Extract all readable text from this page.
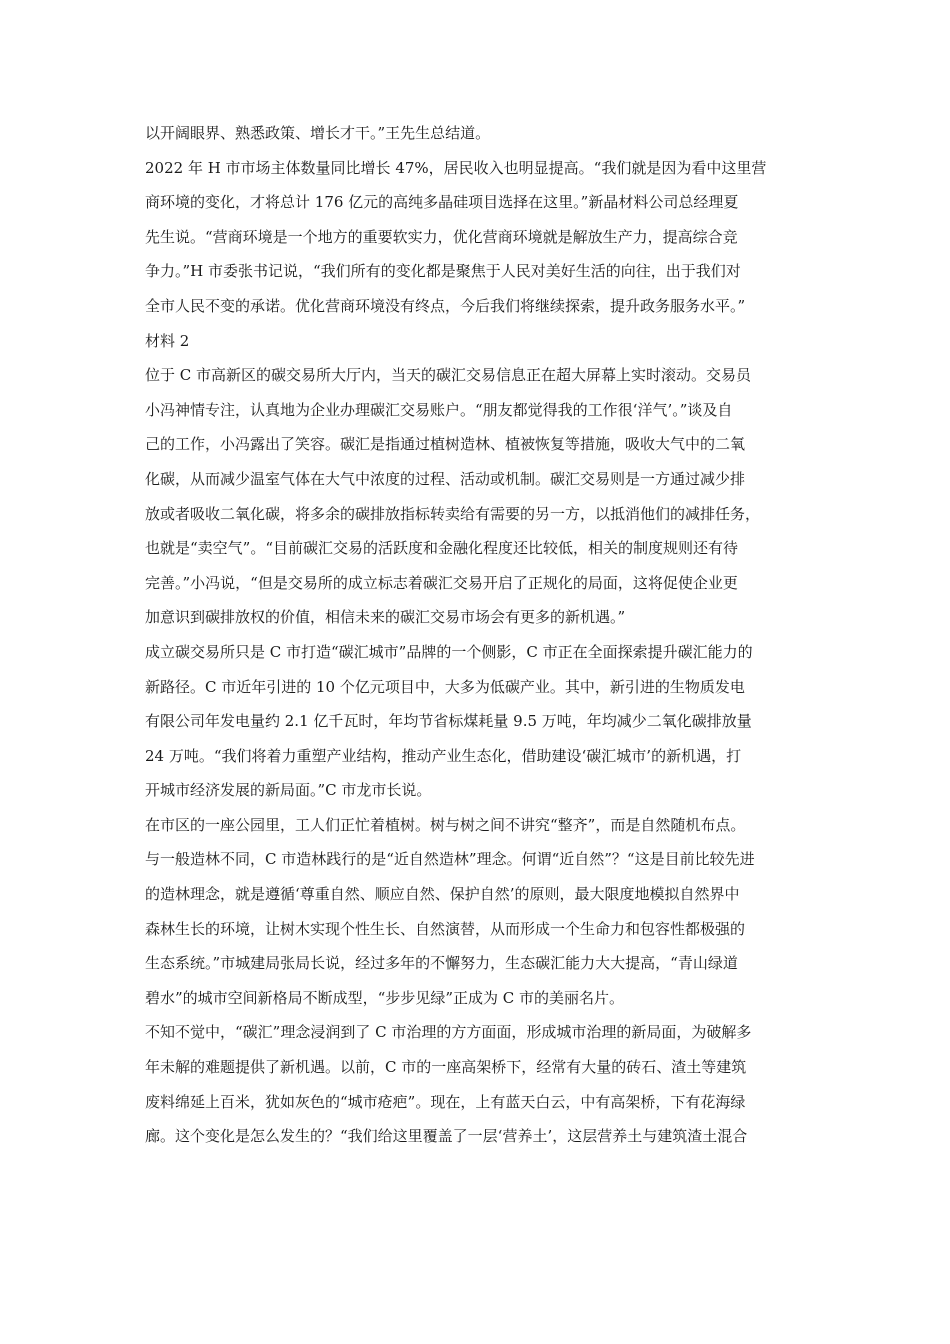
以开阔眼界、熟悉政策、增长才干。”王先生总结道。
2022 年 H 市市场主体数量同比增长 47%，居民收入也明显提高。“我们就是因为看中这里营
商环境的变化，才将总计 176 亿元的高纯多晶硅项目选择在这里。”新晶材料公司总经理夏
先生说。“营商环境是一个地方的重要软实力，优化营商环境就是解放生产力，提高综合竞
争力。”H 市委张书记说，“我们所有的变化都是聚焦于人民对美好生活的向往，出于我们对
全市人民不变的承诺。优化营商环境没有终点，今后我们将继续探索，提升政务服务水平。”
材料 2
位于 C 市高新区的碳交易所大厅内，当天的碳汇交易信息正在超大屏幕上实时滚动。交易员
小冯神情专注，认真地为企业办理碳汇交易账户。“朋友都觉得我的工作很‘洋气’。”谈及自
己的工作，小冯露出了笑容。碳汇是指通过植树造林、植被恢复等措施，吸收大气中的二氧
化碳，从而减少温室气体在大气中浓度的过程、活动或机制。碳汇交易则是一方通过减少排
放或者吸收二氧化碳，将多余的碳排放指标转卖给有需要的另一方，以抵消他们的减排任务，
也就是“卖空气”。“目前碳汇交易的活跃度和金融化程度还比较低，相关的制度规则还有待
完善。”小冯说，“但是交易所的成立标志着碳汇交易开启了正规化的局面，这将促使企业更
加意识到碳排放权的价值，相信未来的碳汇交易市场会有更多的新机遇。”
成立碳交易所只是 C 市打造“碳汇城市”品牌的一个侧影，C 市正在全面探索提升碳汇能力的
新路径。C 市近年引进的 10 个亿元项目中，大多为低碳产业。其中，新引进的生物质发电
有限公司年发电量约 2.1 亿千瓦时，年均节省标煤耗量 9.5 万吨，年均减少二氧化碳排放量
24 万吨。“我们将着力重塑产业结构，推动产业生态化，借助建设‘碳汇城市’的新机遇，打
开城市经济发展的新局面。”C 市龙市长说。
在市区的一座公园里，工人们正忙着植树。树与树之间不讲究“整齐”，而是自然随机布点。
与一般造林不同，C 市造林践行的是“近自然造林”理念。何谓“近自然”？“这是目前比较先进
的造林理念，就是遵循‘尊重自然、顺应自然、保护自然’的原则，最大限度地模拟自然界中
森林生长的环境，让树木实现个性生长、自然演替，从而形成一个生命力和包容性都极强的
生态系统。”市城建局张局长说，经过多年的不懈努力，生态碳汇能力大大提高，“青山绿道
碧水”的城市空间新格局不断成型，“步步见绿”正成为 C 市的美丽名片。
不知不觉中，“碳汇”理念浸润到了 C 市治理的方方面面，形成城市治理的新局面，为破解多
年未解的难题提供了新机遇。以前，C 市的一座高架桥下，经常有大量的砖石、渣土等建筑
废料绵延上百米，犹如灰色的“城市疮疤”。现在，上有蓝天白云，中有高架桥，下有花海绿
廊。这个变化是怎么发生的？“我们给这里覆盖了一层‘营养土’，这层营养土与建筑渣土混合
